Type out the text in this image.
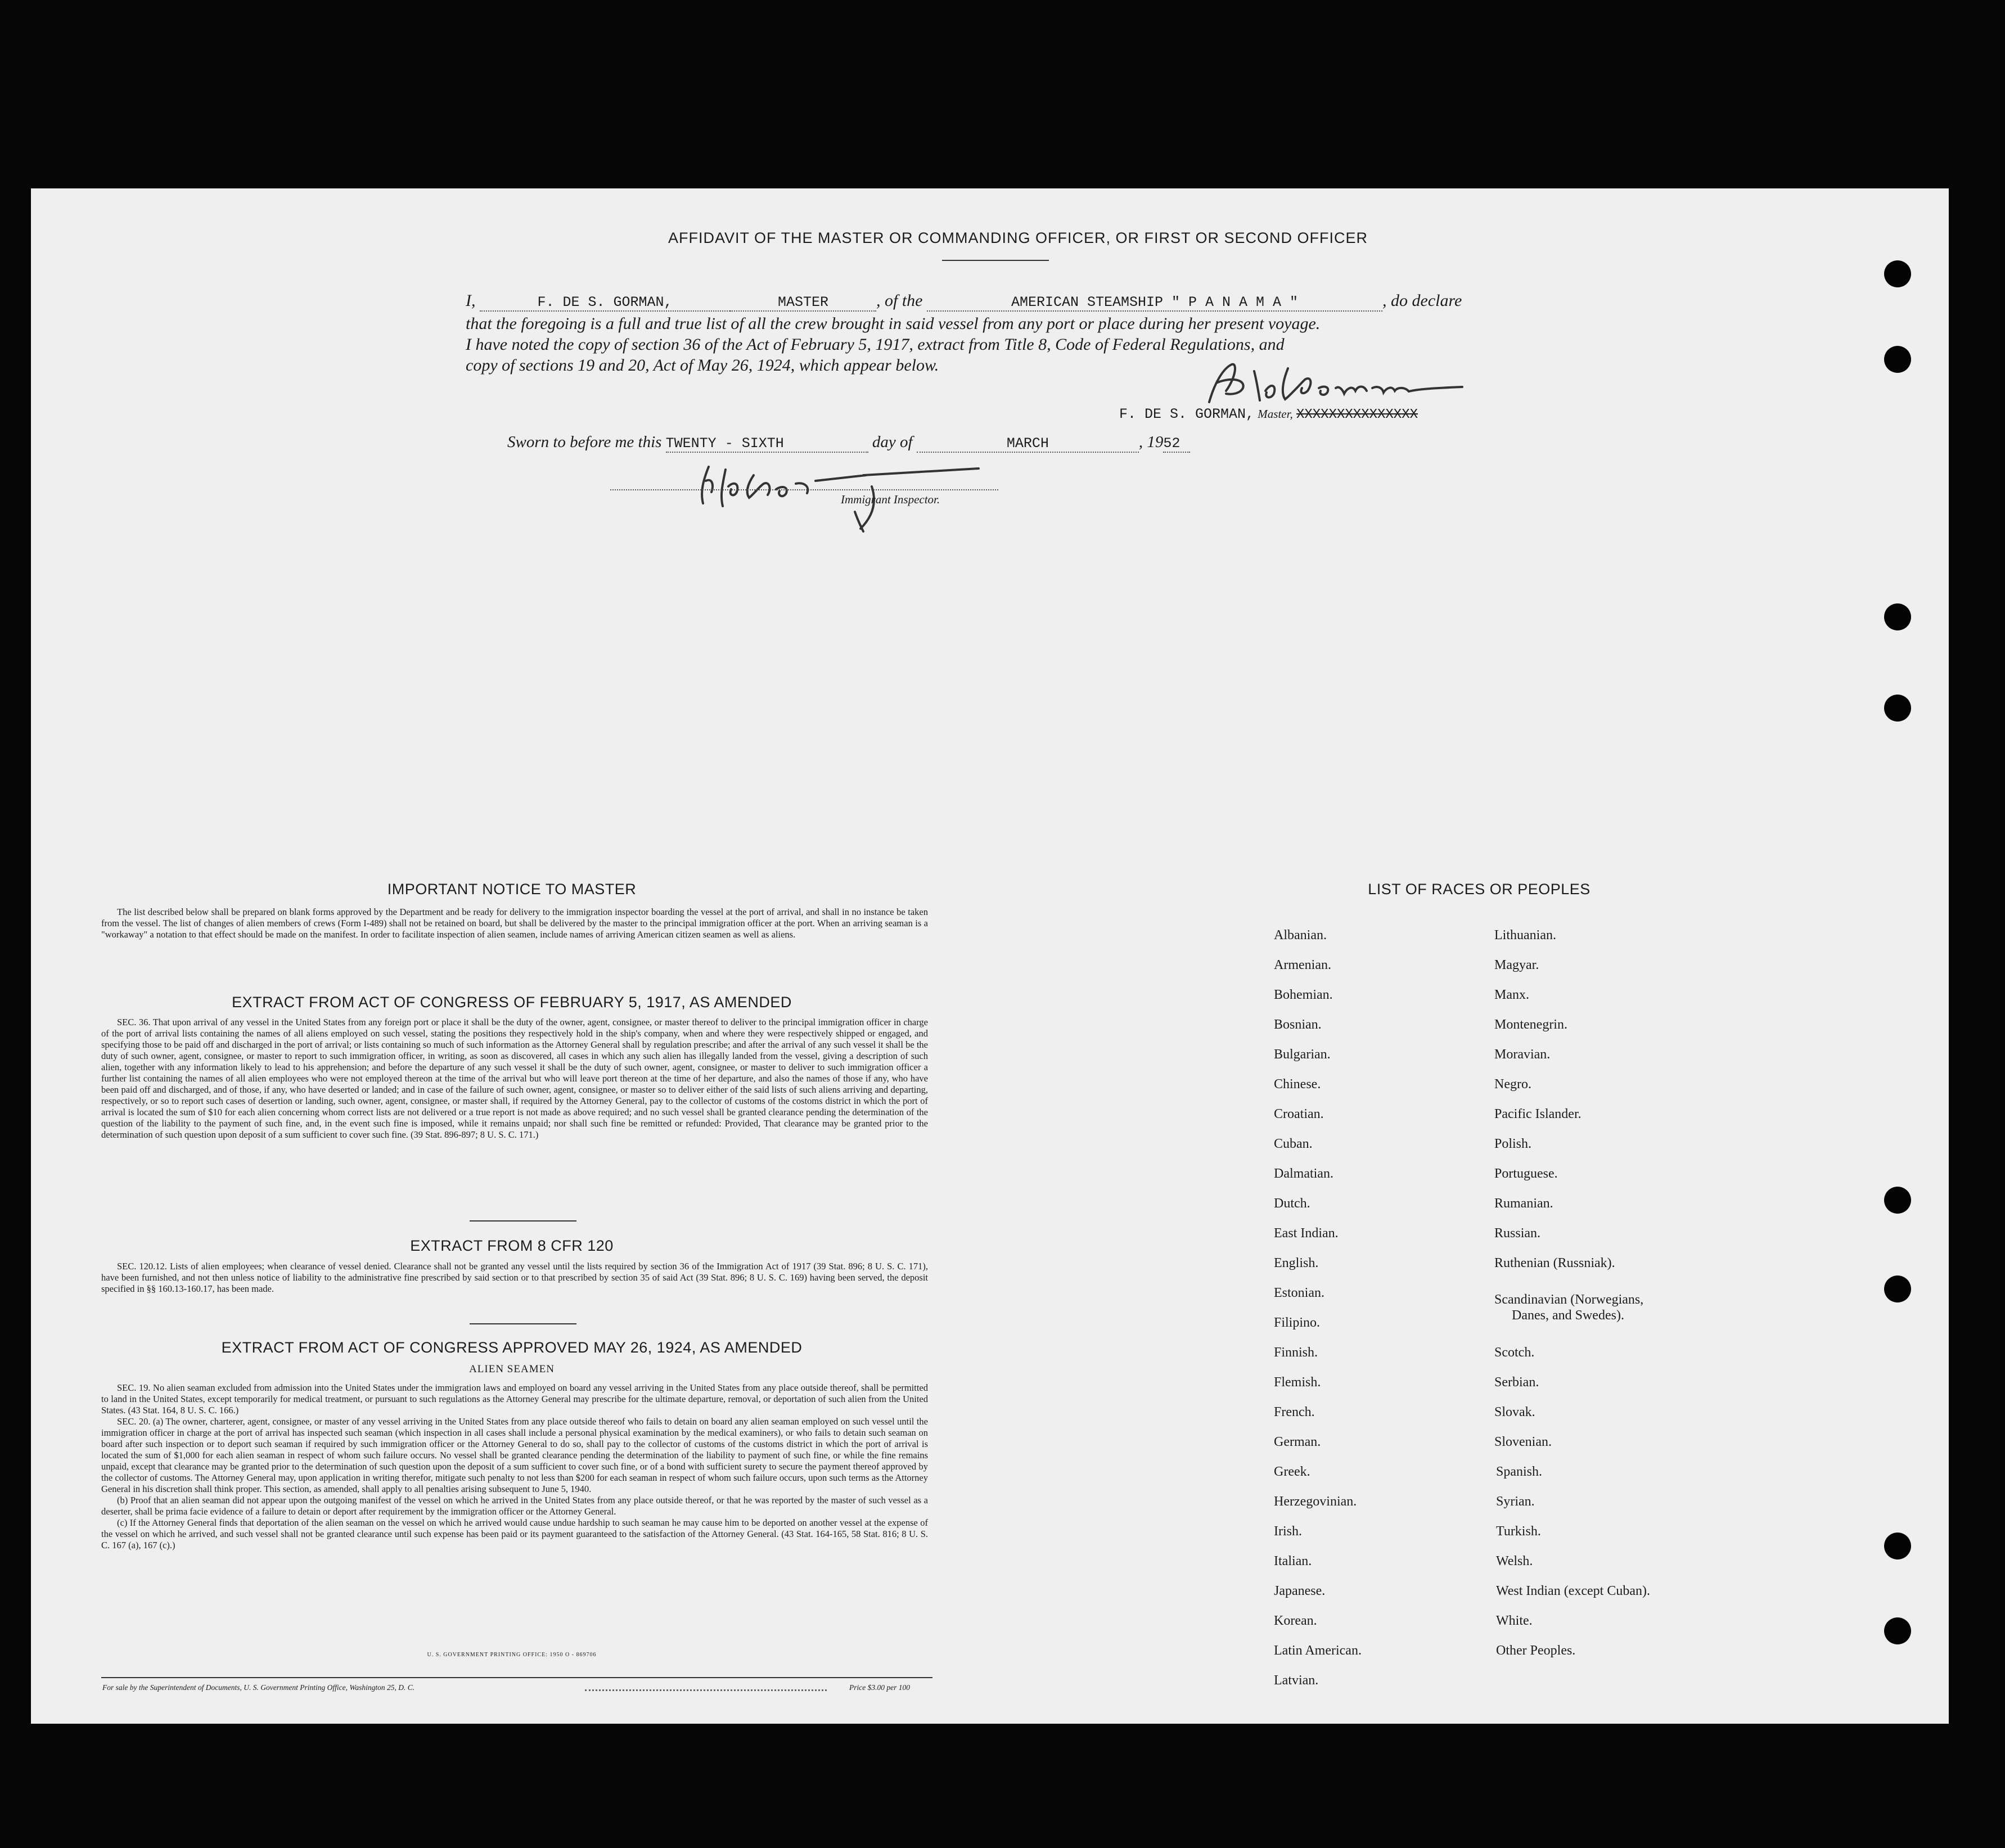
AFFIDAVIT OF THE MASTER OR COMMANDING OFFICER, OR FIRST OR SECOND OFFICER
I,	F. DE S. GORMAN,	MASTER	, of the	AMERICAN STEAMSHIP " P A N A M A "	, do declare
that the foregoing is a full and true list of all the crew brought in said vessel from any port or place during her present voyage.
I have noted the copy of section 36 of the Act of February 5, 1917, extract from Title 8, Code of Federal Regulations, and
copy of sections 19 and 20, Act of May 26, 1924, which appear below.
F. DE S. GORMAN, Master, XXXXXXXXXXXXXXX
Sworn to before me this TWENTY - SIXTH	day of	MARCH	, 1952
Immigrant Inspector.
IMPORTANT NOTICE TO MASTER

The list described below shall be prepared on blank forms approved by the Department and be ready for delivery to the immigration inspector boarding the vessel at the port of arrival, and shall in no instance be taken from the vessel. The list of changes of alien members of crews (Form I-489) shall not be retained on board, but shall be delivered by the master to the principal immigration officer at the port. When an arriving seaman is a "workaway" a notation to that effect should be made on the manifest. In order to facilitate inspection of alien seamen, include names of arriving American citizen seamen as well as aliens.

EXTRACT FROM ACT OF CONGRESS OF FEBRUARY 5, 1917, AS AMENDED

SEC. 36. That upon arrival of any vessel in the United States from any foreign port or place it shall be the duty of the owner, agent, consignee, or master thereof to deliver to the principal immigration officer in charge of the port of arrival lists containing the names of all aliens employed on such vessel, stating the positions they respectively hold in the ship's company, when and where they were respectively shipped or engaged, and specifying those to be paid off and discharged in the port of arrival; or lists containing so much of such information as the Attorney General shall by regulation prescribe; and after the arrival of any such vessel it shall be the duty of such owner, agent, consignee, or master to report to such immigration officer, in writing, as soon as discovered, all cases in which any such alien has illegally landed from the vessel, giving a description of such alien, together with any information likely to lead to his apprehension; and before the departure of any such vessel it shall be the duty of such owner, agent, consignee, or master to deliver to such immigration officer a further list containing the names of all alien employees who were not employed thereon at the time of the arrival but who will leave port thereon at the time of her departure, and also the names of those if any, who have been paid off and discharged, and of those, if any, who have deserted or landed; and in case of the failure of such owner, agent, consignee, or master so to deliver either of the said lists of such aliens arriving and departing, respectively, or so to report such cases of desertion or landing, such owner, agent, consignee, or master shall, if required by the Attorney General, pay to the collector of customs of the costoms district in which the port of arrival is located the sum of $10 for each alien concerning whom correct lists are not delivered or a true report is not made as above required; and no such vessel shall be granted clearance pending the determination of the question of the liability to the payment of such fine, and, in the event such fine is imposed, while it remains unpaid; nor shall such fine be remitted or refunded: Provided, That clearance may be granted prior to the determination of such question upon deposit of a sum sufficient to cover such fine. (39 Stat. 896-897; 8 U. S. C. 171.)

EXTRACT FROM 8 CFR 120

SEC. 120.12. Lists of alien employees; when clearance of vessel denied. Clearance shall not be granted any vessel until the lists required by section 36 of the Immigration Act of 1917 (39 Stat. 896; 8 U. S. C. 171), have been furnished, and not then unless notice of liability to the administrative fine prescribed by said section or to that prescribed by section 35 of said Act (39 Stat. 896; 8 U. S. C. 169) having been served, the deposit specified in §§ 160.13-160.17, has been made.

EXTRACT FROM ACT OF CONGRESS APPROVED MAY 26, 1924, AS AMENDED
ALIEN SEAMEN

SEC. 19. No alien seaman excluded from admission into the United States under the immigration laws and employed on board any vessel arriving in the United States from any place outside thereof, shall be permitted to land in the United States, except temporarily for medical treatment, or pursuant to such regulations as the Attorney General may prescribe for the ultimate departure, removal, or deportation of such alien from the United States. (43 Stat. 164, 8 U. S. C. 166.)

SEC. 20. (a) The owner, charterer, agent, consignee, or master of any vessel arriving in the United States from any place outside thereof who fails to detain on board any alien seaman employed on such vessel until the immigration officer in charge at the port of arrival has inspected such seaman (which inspection in all cases shall include a personal physical examination by the medical examiners), or who fails to detain such seaman on board after such inspection or to deport such seaman if required by such immigration officer or the Attorney General to do so, shall pay to the collector of customs of the customs district in which the port of arrival is located the sum of $1,000 for each alien seaman in respect of whom such failure occurs. No vessel shall be granted clearance pending the determination of the liability to payment of such fine, or while the fine remains unpaid, except that clearance may be granted prior to the determination of such question upon the deposit of a sum sufficient to cover such fine, or of a bond with sufficient surety to secure the payment thereof approved by the collector of customs. The Attorney General may, upon application in writing therefor, mitigate such penalty to not less than $200 for each seaman in respect of whom such failure occurs, upon such terms as the Attorney General in his discretion shall think proper. This section, as amended, shall apply to all penalties arising subsequent to June 5, 1940.

(b) Proof that an alien seaman did not appear upon the outgoing manifest of the vessel on which he arrived in the United States from any place outside thereof, or that he was reported by the master of such vessel as a deserter, shall be prima facie evidence of a failure to detain or deport after requirement by the immigration officer or the Attorney General.

(c) If the Attorney General finds that deportation of the alien seaman on the vessel on which he arrived would cause undue hardship to such seaman he may cause him to be deported on another vessel at the expense of the vessel on which he arrived, and such vessel shall not be granted clearance until such expense has been paid or its payment guaranteed to the satisfaction of the Attorney General. (43 Stat. 164-165, 58 Stat. 816; 8 U. S. C. 167 (a), 167 (c).)

U. S. GOVERNMENT PRINTING OFFICE: 1950 O - 869706
For sale by the Superintendent of Documents, U. S. Government Printing Office, Washington 25, D. C.	Price $3.00 per 100
LIST OF RACES OR PEOPLES
Albanian.
Armenian.
Bohemian.
Bosnian.
Bulgarian.
Chinese.
Croatian.
Cuban.
Dalmatian.
Dutch.
East Indian.
English.
Estonian.
Filipino.
Finnish.
Flemish.
French.
German.
Greek.
Herzegovinian.
Irish.
Italian.
Japanese.
Korean.
Latin American.
Latvian.
Lithuanian.
Magyar.
Manx.
Montenegrin.
Moravian.
Negro.
Pacific Islander.
Polish.
Portuguese.
Rumanian.
Russian.
Ruthenian (Russniak).
Scandinavian (Norwegians,
Danes, and Swedes).
Scotch.
Serbian.
Slovak.
Slovenian.
Spanish.
Syrian.
Turkish.
Welsh.
West Indian (except Cuban).
White.
Other Peoples.
